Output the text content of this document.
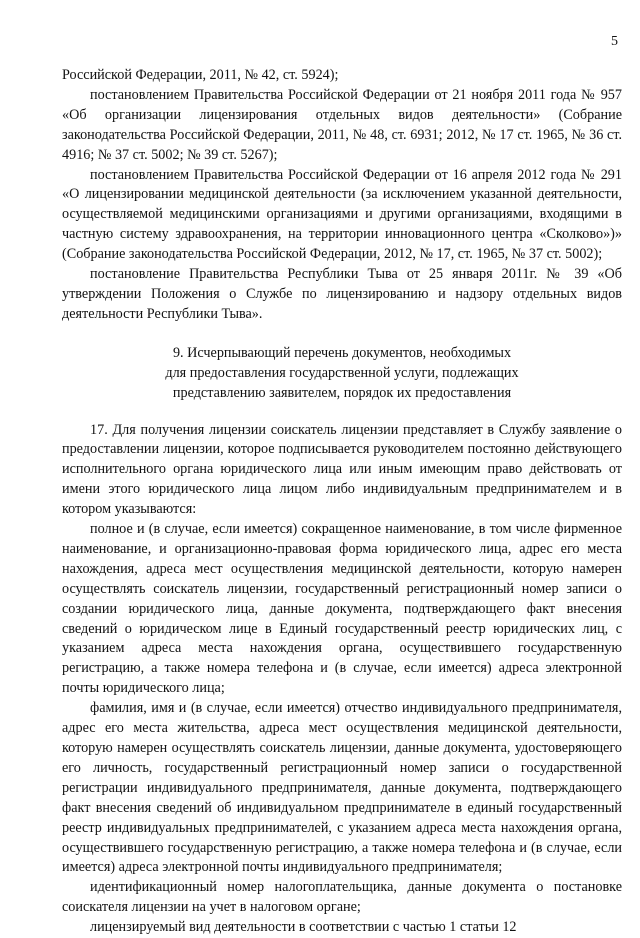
5

Российской Федерации, 2011, № 42, ст. 5924);

постановлением Правительства Российской Федерации от 21 ноября 2011 года № 957 «Об организации лицензирования отдельных видов деятельности» (Собрание законодательства Российской Федерации, 2011, № 48, ст. 6931; 2012, № 17 ст. 1965, № 36 ст. 4916; № 37 ст. 5002; № 39 ст. 5267);

постановлением Правительства Российской Федерации от 16 апреля 2012 года № 291 «О лицензировании медицинской деятельности (за исключением указанной деятельности, осуществляемой медицинскими организациями и другими организациями, входящими в частную систему здравоохранения, на территории инновационного центра «Сколково»)» (Собрание законодательства Российской Федерации, 2012, № 17, ст. 1965, № 37 ст. 5002);

постановление Правительства Республики Тыва от 25 января 2011г. № 39 «Об утверждении Положения о Службе по лицензированию и надзору отдельных видов деятельности Республики Тыва».

9. Исчерпывающий перечень документов, необходимых
для предоставления государственной услуги, подлежащих
представлению заявителем, порядок их предоставления

17. Для получения лицензии соискатель лицензии представляет в Службу заявление о предоставлении лицензии, которое подписывается руководителем постоянно действующего исполнительного органа юридического лица или иным имеющим право действовать от имени этого юридического лица лицом либо индивидуальным предпринимателем и в котором указываются:

полное и (в случае, если имеется) сокращенное наименование, в том числе фирменное наименование, и организационно-правовая форма юридического лица, адрес его места нахождения, адреса мест осуществления медицинской деятельности, которую намерен осуществлять соискатель лицензии, государственный регистрационный номер записи о создании юридического лица, данные документа, подтверждающего факт внесения сведений о юридическом лице в Единый государственный реестр юридических лиц, с указанием адреса места нахождения органа, осуществившего государственную регистрацию, а также номера телефона и (в случае, если имеется) адреса электронной почты юридического лица;

фамилия, имя и (в случае, если имеется) отчество индивидуального предпринимателя, адрес его места жительства, адреса мест осуществления медицинской деятельности, которую намерен осуществлять соискатель лицензии, данные документа, удостоверяющего его личность, государственный регистрационный номер записи о государственной регистрации индивидуального предпринимателя, данные документа, подтверждающего факт внесения сведений об индивидуальном предпринимателе в единый государственный реестр индивидуальных предпринимателей, с указанием адреса места нахождения органа, осуществившего государственную регистрацию, а также номера телефона и (в случае, если имеется) адреса электронной почты индивидуального предпринимателя;

идентификационный номер налогоплательщика, данные документа о постановке соискателя лицензии на учет в налоговом органе;

лицензируемый вид деятельности в соответствии с частью 1 статьи 12
